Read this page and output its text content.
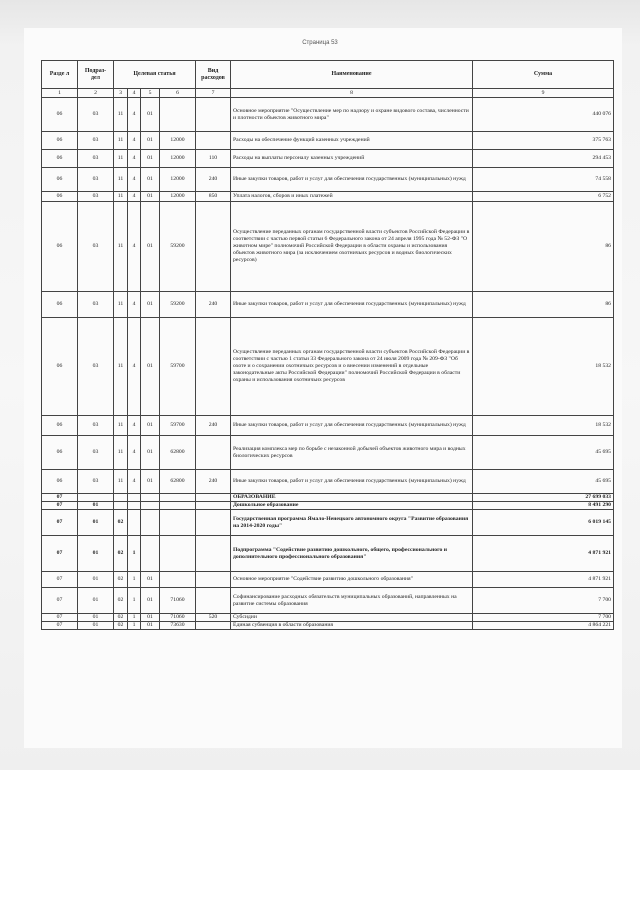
Страница 53
Разде л	Подраз- дел	Целевая статья				Вид расходов	Наименование	Сумма
1	2	3	4	5	6	7	8	9
06	03	11	4	01			Основное мероприятие "Осуществление мер по надзору и охране видового состава, численности и плотности объектов животного мира"	440 076
06	03	11	4	01	12000		Расходы на обеспечение функций казенных учреждений	375 763
06	03	11	4	01	12000	110	Расходы на выплаты персоналу казенных учреждений	294 453
06	03	11	4	01	12000	240	Иные закупки товаров, работ и услуг для обеспечения государственных (муниципальных) нужд	74 558
06	03	11	4	01	12000	850	Уплата налогов, сборов и иных платежей	6 752
06	03	11	4	01	59200		Осуществление переданных органам государственной власти субъектов Российской Федерации в соответствии с частью первой статьи 6 Федерального закона от 24 апреля 1995 года № 52-ФЗ "О животном мире" полномочий Российской Федерации в области охраны и использования объектов животного мира (за исключением охотничьих ресурсов и водных биологических ресурсов)	86
06	03	11	4	01	59200	240	Иные закупки товаров, работ и услуг для обеспечения государственных (муниципальных) нужд	86
06	03	11	4	01	59700		Осуществление переданных органам государственной власти субъектов Российской Федерации в соответствии с частью 1 статьи 33 Федерального закона от 24 июля 2009 года № 209-ФЗ "Об охоте и о сохранении охотничьих ресурсов и о внесении изменений в отдельные законодательные акты Российской Федерации" полномочий Российской Федерации в области охраны и использования охотничьих ресурсов	18 532
06	03	11	4	01	59700	240	Иные закупки товаров, работ и услуг для обеспечения государственных (муниципальных) нужд	18 532
06	03	11	4	01	62800		Реализация комплекса мер по борьбе с незаконной добычей объектов животного мира и водных биологических ресурсов	45 695
06	03	11	4	01	62800	240	Иные закупки товаров, работ и услуг для обеспечения государственных (муниципальных) нужд	45 695
07							ОБРАЗОВАНИЕ	27 699 033
07	01						Дошкольное образование	8 491 290
07	01	02					Государственная программа Ямало-Ненецкого автономного округа "Развитие образования на 2014-2020 годы"	6 019 145
07	01	02	1				Подпрограмма "Содействие развитию дошкольного, общего, профессионального и дополнительного профессионального образования"	4 871 921
07	01	02	1	01			Основное мероприятие "Содействие развитию дошкольного образования"	4 871 921
07	01	02	1	01	71060		Софинансирование расходных обязательств муниципальных образований, направленных на развитие системы образования	7 700
07	01	02	1	01	71060	520	Субсидии	7 700
07	01	02	1	01	73630		Единая субвенция в области образования	4 864 221
